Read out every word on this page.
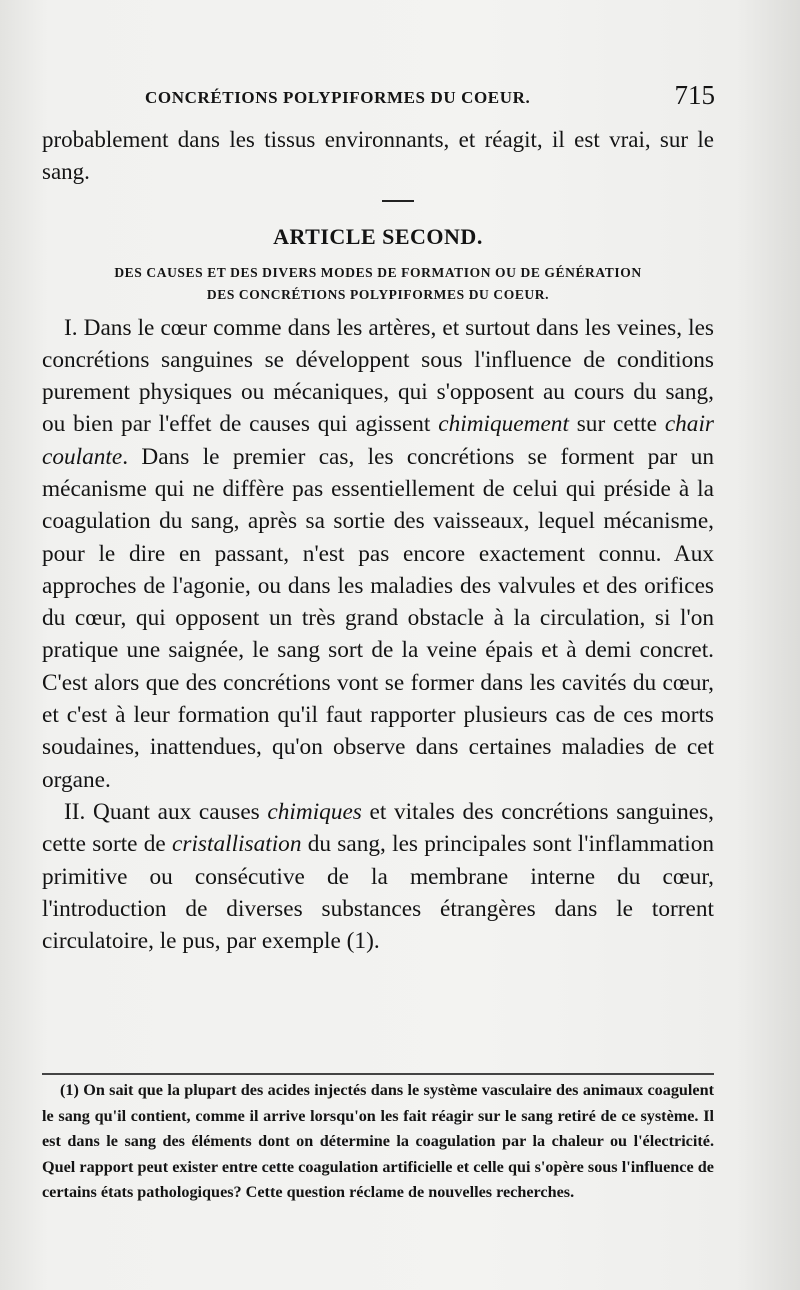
CONCRÉTIONS POLYPIFORMES DU COEUR.	715

probablement dans les tissus environnants, et réagit, il est vrai, sur le sang.

ARTICLE SECOND.
DES CAUSES ET DES DIVERS MODES DE FORMATION OU DE GÉNÉRATION
DES CONCRÉTIONS POLYPIFORMES DU COEUR.

I. Dans le cœur comme dans les artères, et surtout dans les veines, les concrétions sanguines se développent sous l'influence de conditions purement physiques ou mécaniques, qui s'opposent au cours du sang, ou bien par l'effet de causes qui agissent chimiquement sur cette chair coulante. Dans le premier cas, les concrétions se forment par un mécanisme qui ne diffère pas essentiellement de celui qui préside à la coagulation du sang, après sa sortie des vaisseaux, lequel mécanisme, pour le dire en passant, n'est pas encore exactement connu. Aux approches de l'agonie, ou dans les maladies des valvules et des orifices du cœur, qui opposent un très grand obstacle à la circulation, si l'on pratique une saignée, le sang sort de la veine épais et à demi concret. C'est alors que des concrétions vont se former dans les cavités du cœur, et c'est à leur formation qu'il faut rapporter plusieurs cas de ces morts soudaines, inattendues, qu'on observe dans certaines maladies de cet organe.

II. Quant aux causes chimiques et vitales des concrétions sanguines, cette sorte de cristallisation du sang, les principales sont l'inflammation primitive ou consécutive de la membrane interne du cœur, l'introduction de diverses substances étrangères dans le torrent circulatoire, le pus, par exemple (1).

(1) On sait que la plupart des acides injectés dans le système vasculaire des animaux coagulent le sang qu'il contient, comme il arrive lorsqu'on les fait réagir sur le sang retiré de ce système. Il est dans le sang des éléments dont on détermine la coagulation par la chaleur ou l'électricité. Quel rapport peut exister entre cette coagulation artificielle et celle qui s'opère sous l'influence de certains états pathologiques? Cette question réclame de nouvelles recherches.
